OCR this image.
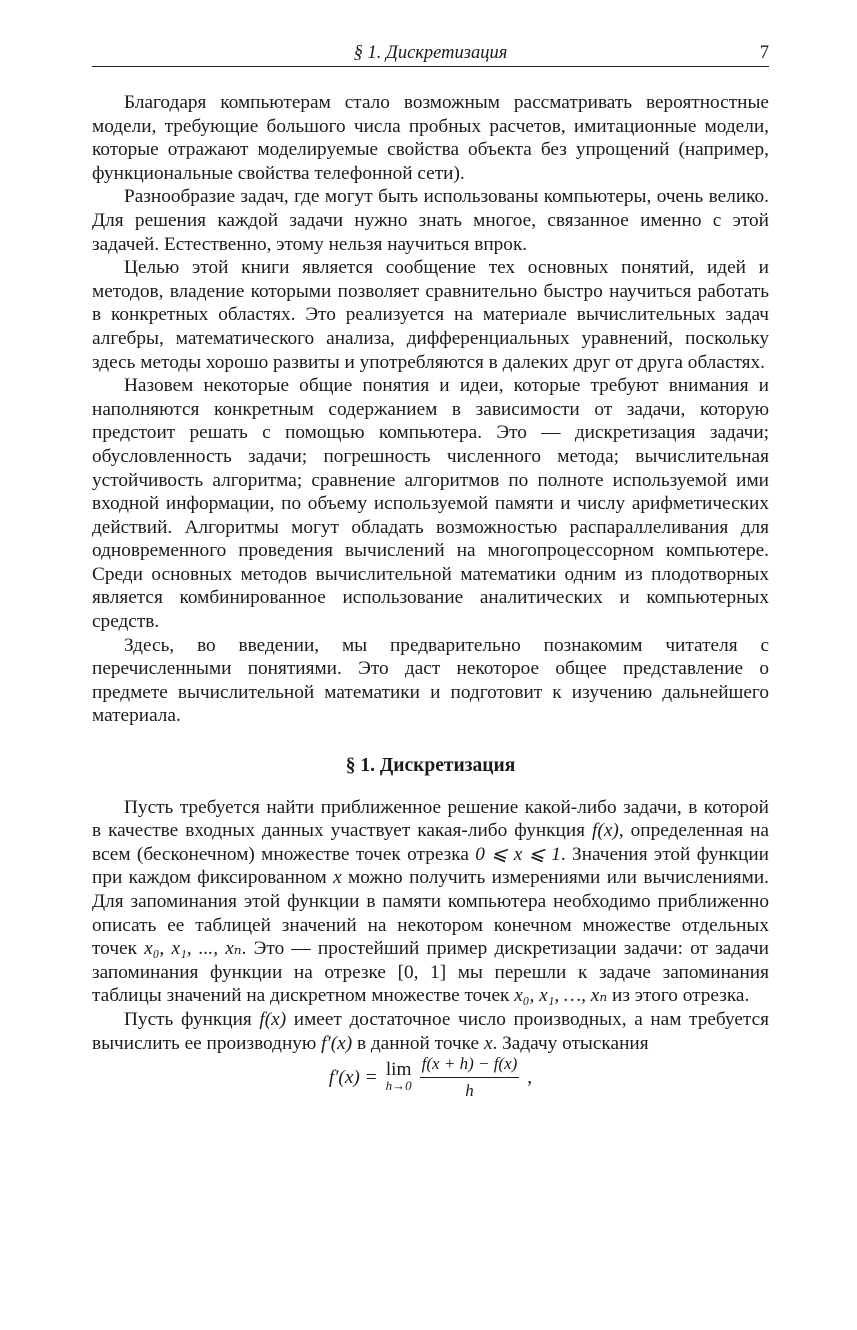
§ 1. Дискретизация	7

Благодаря компьютерам стало возможным рассматривать вероятностные модели, требующие большого числа пробных расчетов, имитационные модели, которые отражают моделируемые свойства объекта без упрощений (например, функциональные свойства телефонной сети).

Разнообразие задач, где могут быть использованы компьютеры, очень велико. Для решения каждой задачи нужно знать многое, связанное именно с этой задачей. Естественно, этому нельзя научиться впрок.

Целью этой книги является сообщение тех основных понятий, идей и методов, владение которыми позволяет сравнительно быстро научиться работать в конкретных областях. Это реализуется на материале вычислительных задач алгебры, математического анализа, дифференциальных уравнений, поскольку здесь методы хорошо развиты и употребляются в далеких друг от друга областях.

Назовем некоторые общие понятия и идеи, которые требуют внимания и наполняются конкретным содержанием в зависимости от задачи, которую предстоит решать с помощью компьютера. Это — дискретизация задачи; обусловленность задачи; погрешность численного метода; вычислительная устойчивость алгоритма; сравнение алгоритмов по полноте используемой ими входной информации, по объему используемой памяти и числу арифметических действий. Алгоритмы могут обладать возможностью распараллеливания для одновременного проведения вычислений на многопроцессорном компьютере. Среди основных методов вычислительной математики одним из плодотворных является комбинированное использование аналитических и компьютерных средств.

Здесь, во введении, мы предварительно познакомим читателя с перечисленными понятиями. Это даст некоторое общее представление о предмете вычислительной математики и подготовит к изучению дальнейшего материала.

§ 1. Дискретизация

Пусть требуется найти приближенное решение какой-либо задачи, в которой в качестве входных данных участвует какая-либо функция f(x), определенная на всем (бесконечном) множестве точек отрезка 0 ⩽ x ⩽ 1. Значения этой функции при каждом фиксированном x можно получить измерениями или вычислениями. Для запоминания этой функции в памяти компьютера необходимо приближенно описать ее таблицей значений на некотором конечном множестве отдельных точек x₀, x₁, ..., xₙ. Это — простейший пример дискретизации задачи: от задачи запоминания функции на отрезке [0, 1] мы перешли к задаче запоминания таблицы значений на дискретном множестве точек x₀, x₁, …, xₙ из этого отрезка.

Пусть функция f(x) имеет достаточное число производных, а нам требуется вычислить ее производную f′(x) в данной точке x. Задачу отыскания

f′(x) = lim
$h\to 0 \frac{f(x + h) - f(x)}{h}$ ,
